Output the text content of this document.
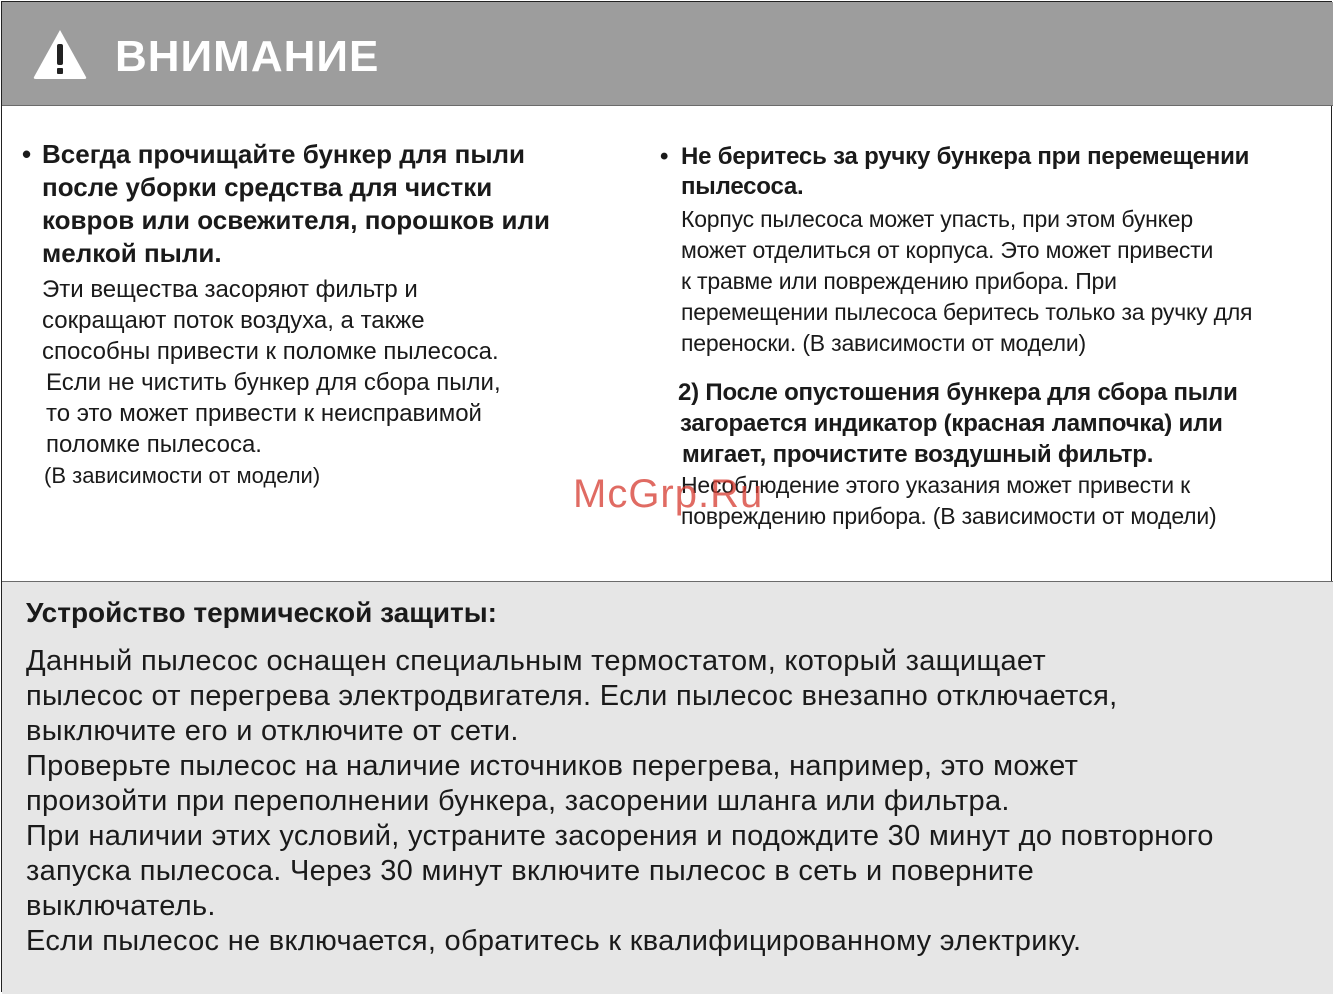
ВНИМАНИЕ

• Всегда прочищайте бункер для пыли

после уборки средства для чистки

ковров или освежителя, порошков или

мелкой пыли.

Эти вещества засоряют фильтр и

сокращают поток воздуха, а также

способны привести к поломке пылесоса.

Если не чистить бункер для сбора пыли,

то это может привести к неисправимой

поломке пылесоса.

(В зависимости от модели)

• Не беритесь за ручку бункера при перемещении

пылесоса.

Корпус пылесоса может упасть, при этом бункер

может отделиться от корпуса. Это может привести

к травме или повреждению прибора. При

перемещении пылесоса беритесь только за ручку для

переноски. (В зависимости от модели)

2) После опустошения бункера для сбора пыли

загорается индикатор (красная лампочка) или

мигает, прочистите воздушный фильтр.

Несоблюдение этого указания может привести к

повреждению прибора. (В зависимости от модели)

McGrp.Ru

Устройство термической защиты:

Данный пылесос оснащен специальным термостатом, который защищает
пылесос от перегрева электродвигателя. Если пылесос внезапно отключается,
выключите его и отключите от сети.
Проверьте пылесос на наличие источников перегрева, например, это может
произойти при переполнении бункера, засорении шланга или фильтра.
При наличии этих условий, устраните засорения и подождите 30 минут до повторного
запуска пылесоса. Через 30 минут включите пылесос в сеть и поверните
выключатель.
Если пылесос не включается, обратитесь к квалифицированному электрику.
